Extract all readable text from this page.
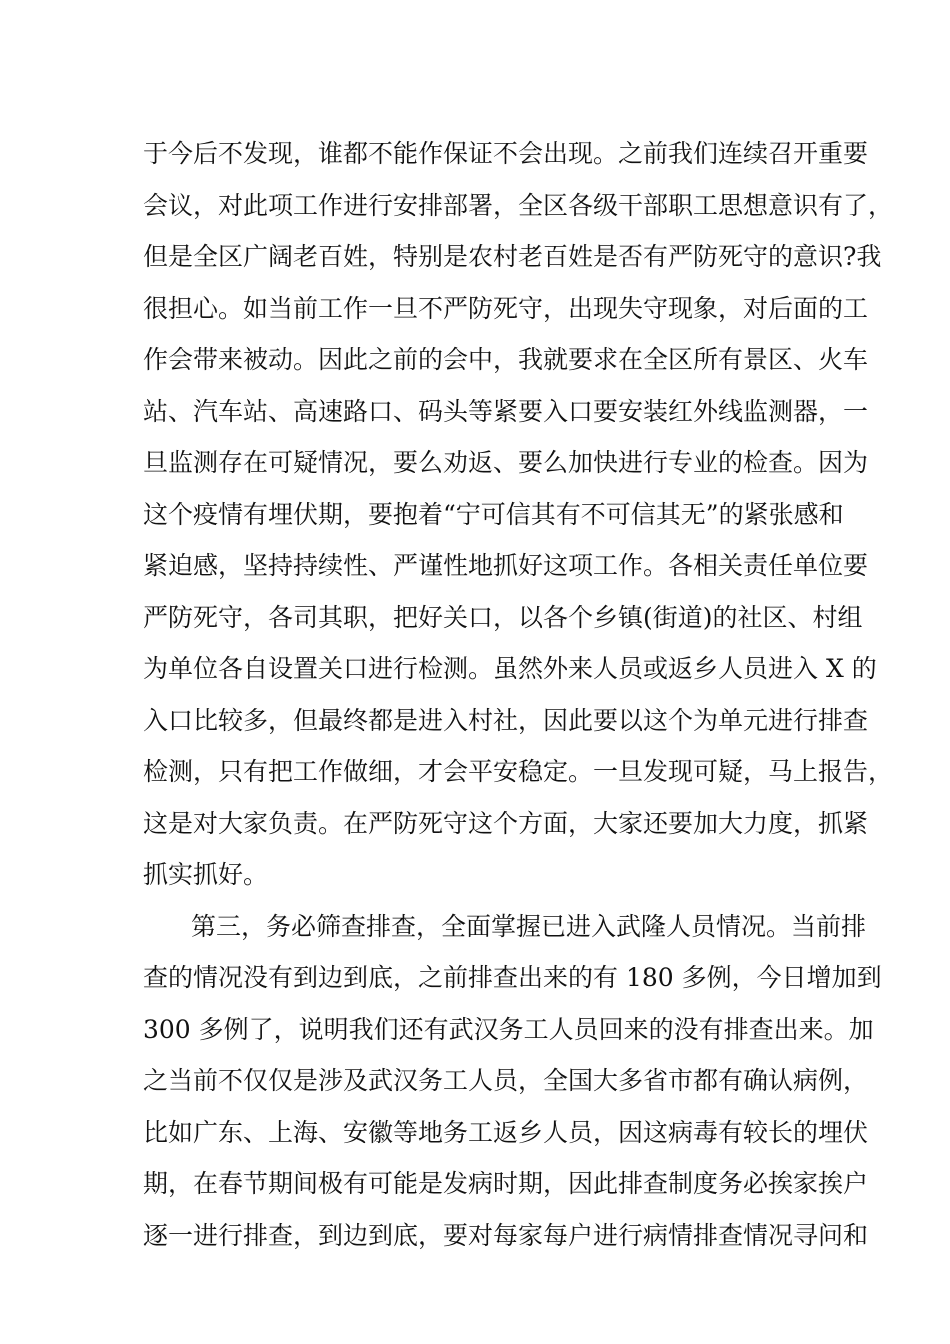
于今后不发现，谁都不能作保证不会出现。之前我们连续召开重要
会议，对此项工作进行安排部署，全区各级干部职工思想意识有了，
但是全区广阔老百姓，特别是农村老百姓是否有严防死守的意识?我
很担心。如当前工作一旦不严防死守，出现失守现象，对后面的工
作会带来被动。因此之前的会中，我就要求在全区所有景区、火车
站、汽车站、高速路口、码头等紧要入口要安装红外线监测器，一
旦监测存在可疑情况，要么劝返、要么加快进行专业的检查。因为
这个疫情有埋伏期，要抱着“宁可信其有不可信其无”的紧张感和
紧迫感，坚持持续性、严谨性地抓好这项工作。各相关责任单位要
严防死守，各司其职，把好关口，以各个乡镇(街道)的社区、村组
为单位各自设置关口进行检测。虽然外来人员或返乡人员进入 X 的
入口比较多，但最终都是进入村社，因此要以这个为单元进行排查
检测，只有把工作做细，才会平安稳定。一旦发现可疑，马上报告，
这是对大家负责。在严防死守这个方面，大家还要加大力度，抓紧
抓实抓好。
第三，务必筛查排查，全面掌握已进入武隆人员情况。当前排
查的情况没有到边到底，之前排查出来的有 180 多例，今日增加到
300 多例了，说明我们还有武汉务工人员回来的没有排查出来。加
之当前不仅仅是涉及武汉务工人员，全国大多省市都有确认病例，
比如广东、上海、安徽等地务工返乡人员，因这病毒有较长的埋伏
期，在春节期间极有可能是发病时期，因此排查制度务必挨家挨户
逐一进行排查，到边到底，要对每家每户进行病情排查情况寻问和
